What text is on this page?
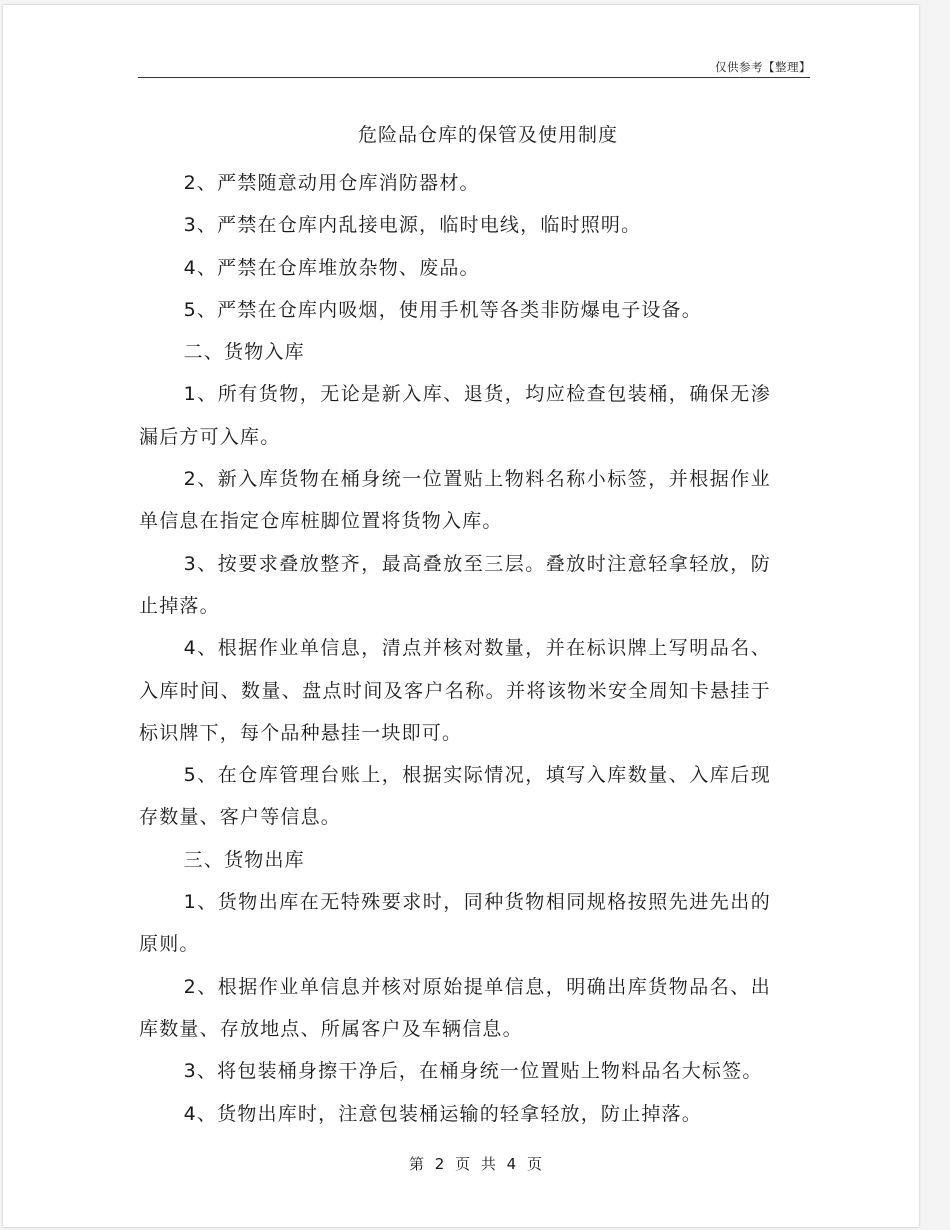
仅供参考【整理】
危险品仓库的保管及使用制度

2、严禁随意动用仓库消防器材。

3、严禁在仓库内乱接电源，临时电线，临时照明。

4、严禁在仓库堆放杂物、废品。

5、严禁在仓库内吸烟，使用手机等各类非防爆电子设备。

二、货物入库

1、所有货物，无论是新入库、退货，均应检查包装桶，确保无渗漏后方可入库。

2、新入库货物在桶身统一位置贴上物料名称小标签，并根据作业单信息在指定仓库桩脚位置将货物入库。

3、按要求叠放整齐，最高叠放至三层。叠放时注意轻拿轻放，防止掉落。

4、根据作业单信息，清点并核对数量，并在标识牌上写明品名、入库时间、数量、盘点时间及客户名称。并将该物米安全周知卡悬挂于标识牌下，每个品种悬挂一块即可。

5、在仓库管理台账上，根据实际情况，填写入库数量、入库后现存数量、客户等信息。

三、货物出库

1、货物出库在无特殊要求时，同种货物相同规格按照先进先出的原则。

2、根据作业单信息并核对原始提单信息，明确出库货物品名、出库数量、存放地点、所属客户及车辆信息。

3、将包装桶身擦干净后，在桶身统一位置贴上物料品名大标签。

4、货物出库时，注意包装桶运输的轻拿轻放，防止掉落。

第 2 页 共 4 页
